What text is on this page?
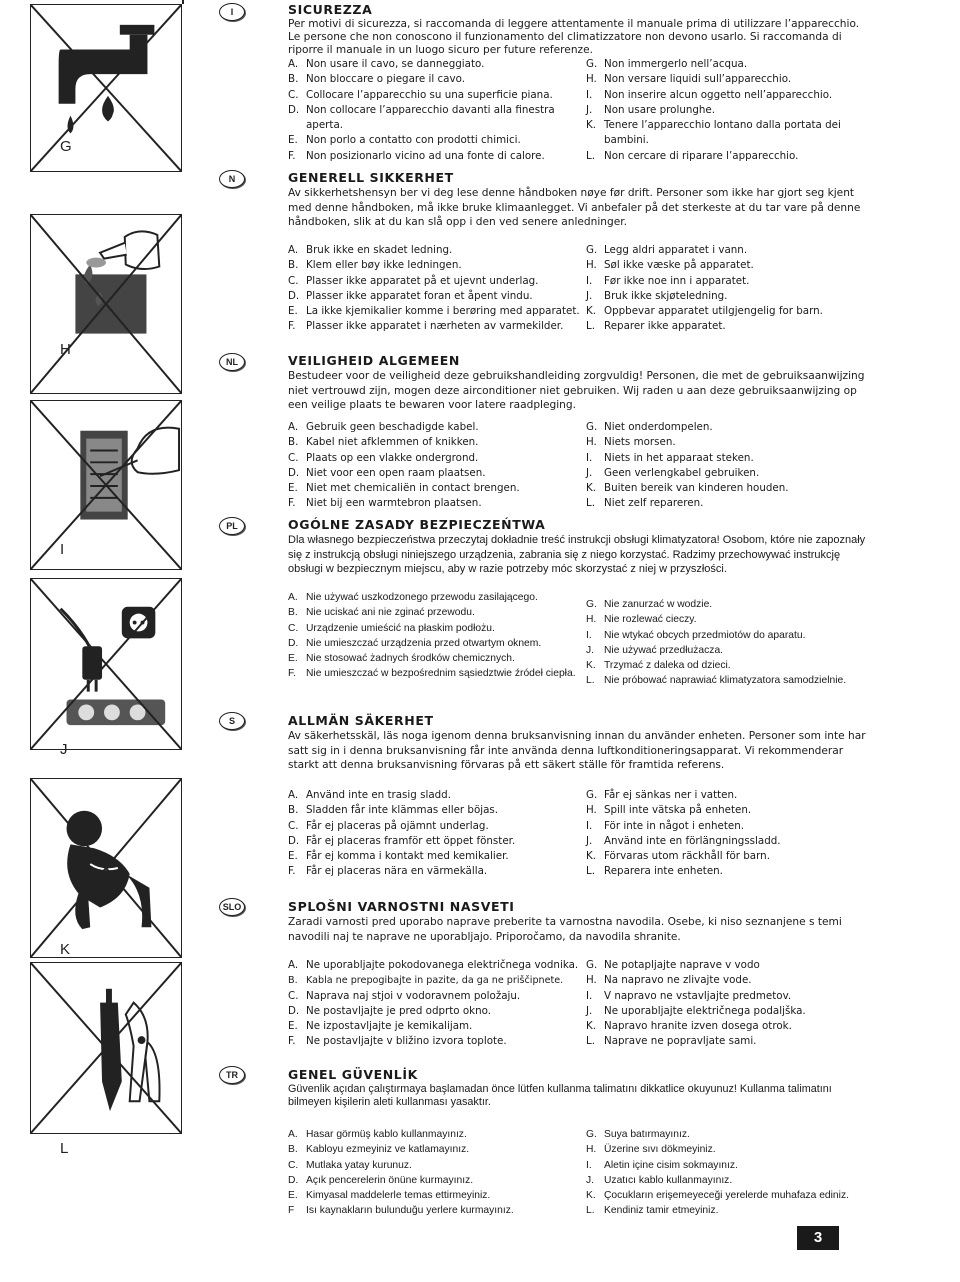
G
H
I
J
K
L
I
N
NL
PL
S
SLO
TR
SICUREZZA

Per motivi di sicurezza, si raccomanda di leggere attentamente il manuale prima di utilizzare l’apparecchio. Le persone che non conoscono il funzionamento del climatizzatore non devono usarlo. Si raccomanda di riporre il manuale in un luogo sicuro per future referenze.

A. Non usare il cavo, se danneggiato.
B. Non bloccare o piegare il cavo.
C. Collocare l’apparecchio su una superficie piana.
D. Non collocare l’apparecchio davanti alla finestra aperta.
E. Non porlo a contatto con prodotti chimici.
F.	Non posizionarlo vicino ad una fonte di calore.
G. Non immergerlo nell’acqua.
H. Non versare liquidi sull’apparecchio.
I.	Non inserire alcun oggetto nell’apparecchio.
J.	Non usare prolunghe.
K. Tenere l’apparecchio lontano dalla portata dei bambini.
L. Non cercare di riparare l’apparecchio.
GENERELL SIKKERHET

Av sikkerhetshensyn ber vi deg lese denne håndboken nøye før drift. Personer som ikke har gjort seg kjent med denne håndboken, må ikke bruke klimaanlegget. Vi anbefaler på det sterkeste at du tar vare på denne håndboken, slik at du kan slå opp i den ved senere anledninger.

A. Bruk ikke en skadet ledning.
B. Klem eller bøy ikke ledningen.
C. Plasser ikke apparatet på et ujevnt underlag.
D. Plasser ikke apparatet foran et åpent vindu.
E. La ikke kjemikalier komme i berøring med apparatet.
F.	Plasser ikke apparatet i nærheten av varmekilder.
G. Legg aldri apparatet i vann.
H. Søl ikke væske på apparatet.
I.	Før ikke noe inn i apparatet.
J.	Bruk ikke skjøteledning.
K. Oppbevar apparatet utilgjengelig for barn.
L. Reparer ikke apparatet.
VEILIGHEID ALGEMEEN

Bestudeer voor de veiligheid deze gebruikshandleiding zorgvuldig! Personen, die met de gebruiksaanwijzing niet vertrouwd zijn, mogen deze airconditioner niet gebruiken. Wij raden u aan deze gebruiksaanwijzing op een veilige plaats te bewaren voor latere raadpleging.

A. Gebruik geen beschadigde kabel.
B. Kabel niet afklemmen of knikken.
C. Plaats op een vlakke ondergrond.
D. Niet voor een open raam plaatsen.
E. Niet met chemicaliën in contact brengen.
F.	Niet bij een warmtebron plaatsen.
G. Niet onderdompelen.
H. Niets morsen.
I.	Niets in het apparaat steken.
J.	Geen verlengkabel gebruiken.
K. Buiten bereik van kinderen houden.
L. Niet zelf repareren.
OGÓLNE ZASADY BEZPIECZEŃTWA

Dla własnego bezpieczeństwa przeczytaj dokładnie treść instrukcji obsługi klimatyzatora! Osobom, które nie zapoznały się z instrukcją obsługi niniejszego urządzenia, zabrania się z niego korzystać. Radzimy przechowywać instrukcję obsługi w bezpiecznym miejscu, aby w razie potrzeby móc skorzystać z niej w przyszłości.

A. Nie używać uszkodzonego przewodu zasilającego.
B. Nie uciskać ani nie zginać przewodu.
C. Urządzenie umieścić na płaskim podłożu.
D. Nie umieszczać urządzenia przed otwartym oknem.
E. Nie stosować żadnych środków chemicznych.
F. Nie umieszczać w bezpośrednim sąsiedztwie źródeł ciepła.
G. Nie zanurzać w wodzie.
H. Nie rozlewać cieczy.
I.	Nie wtykać obcych przedmiotów do aparatu.
J. Nie używać przedłużacza.
K. Trzymać z daleka od dzieci.
L. Nie próbować naprawiać klimatyzatora samodzielnie.
ALLMÄN SÄKERHET

Av säkerhetsskäl, läs noga igenom denna bruksanvisning innan du använder enheten. Personer som inte har satt sig in i denna bruksanvisning får inte använda denna luftkonditioneringsapparat. Vi rekommenderar starkt att denna bruksanvisning förvaras på ett säkert ställe för framtida referens.

A. Använd inte en trasig sladd.
B. Sladden får inte klämmas eller böjas.
C. Får ej placeras på ojämnt underlag.
D. Får ej placeras framför ett öppet fönster.
E. Får ej komma i kontakt med kemikalier.
F.	Får ej placeras nära en värmekälla.
G. Får ej sänkas ner i vatten.
H. Spill inte vätska på enheten.
I.	För inte in något i enheten.
J.	Använd inte en förlängningssladd.
K. Förvaras utom räckhåll för barn.
L. Reparera inte enheten.
SPLOŠNI VARNOSTNI NASVETI

Zaradi varnosti pred uporabo naprave preberite ta varnostna navodila. Osebe, ki niso seznanjene s temi navodili naj te naprave ne uporabljajo. Priporočamo, da navodila shranite.

A. Ne uporabljajte pokodovanega električnega vodnika.
B. Kabla ne prepogibajte in pazite, da ga ne priščipnete.
C. Naprava naj stjoi v vodoravnem položaju.
D. Ne postavljajte je pred odprto okno.
E. Ne izpostavljajte je kemikalijam.
F.	Ne postavljajte v bližino izvora toplote.
G. Ne potapljajte naprave v vodo
H. Na napravo ne zlivajte vode.
I.	V napravo ne vstavljajte predmetov.
J.	Ne uporabljajte električnega podaljška.
K. Napravo hranite izven dosega otrok.
L. Naprave ne popravljate sami.
GENEL GÜVENLİK

Güvenlik açıdan çalıştırmaya başlamadan önce lütfen kullanma talimatını dikkatlice okuyunuz! Kullanma talimatını bilmeyen kişilerin aleti kullanması yasaktır.

A. Hasar görmüş kablo kullanmayınız.
B. Kabloyu ezmeyiniz ve katlamayınız.
C. Mutlaka yatay kurunuz.
D. Açık pencerelerin önüne kurmayınız.
E. Kimyasal maddelerle temas ettirmeyiniz.
F	Isı kaynakların bulunduğu yerlere kurmayınız.
G. Suya batırmayınız.
H. Üzerine sıvı dökmeyiniz.
I.	Aletin içine cisim sokmayınız.
J. Uzatıcı kablo kullanmayınız.
K. Çocukların erişemeyeceği yerelerde muhafaza ediniz.
L. Kendiniz tamir etmeyiniz.
3
